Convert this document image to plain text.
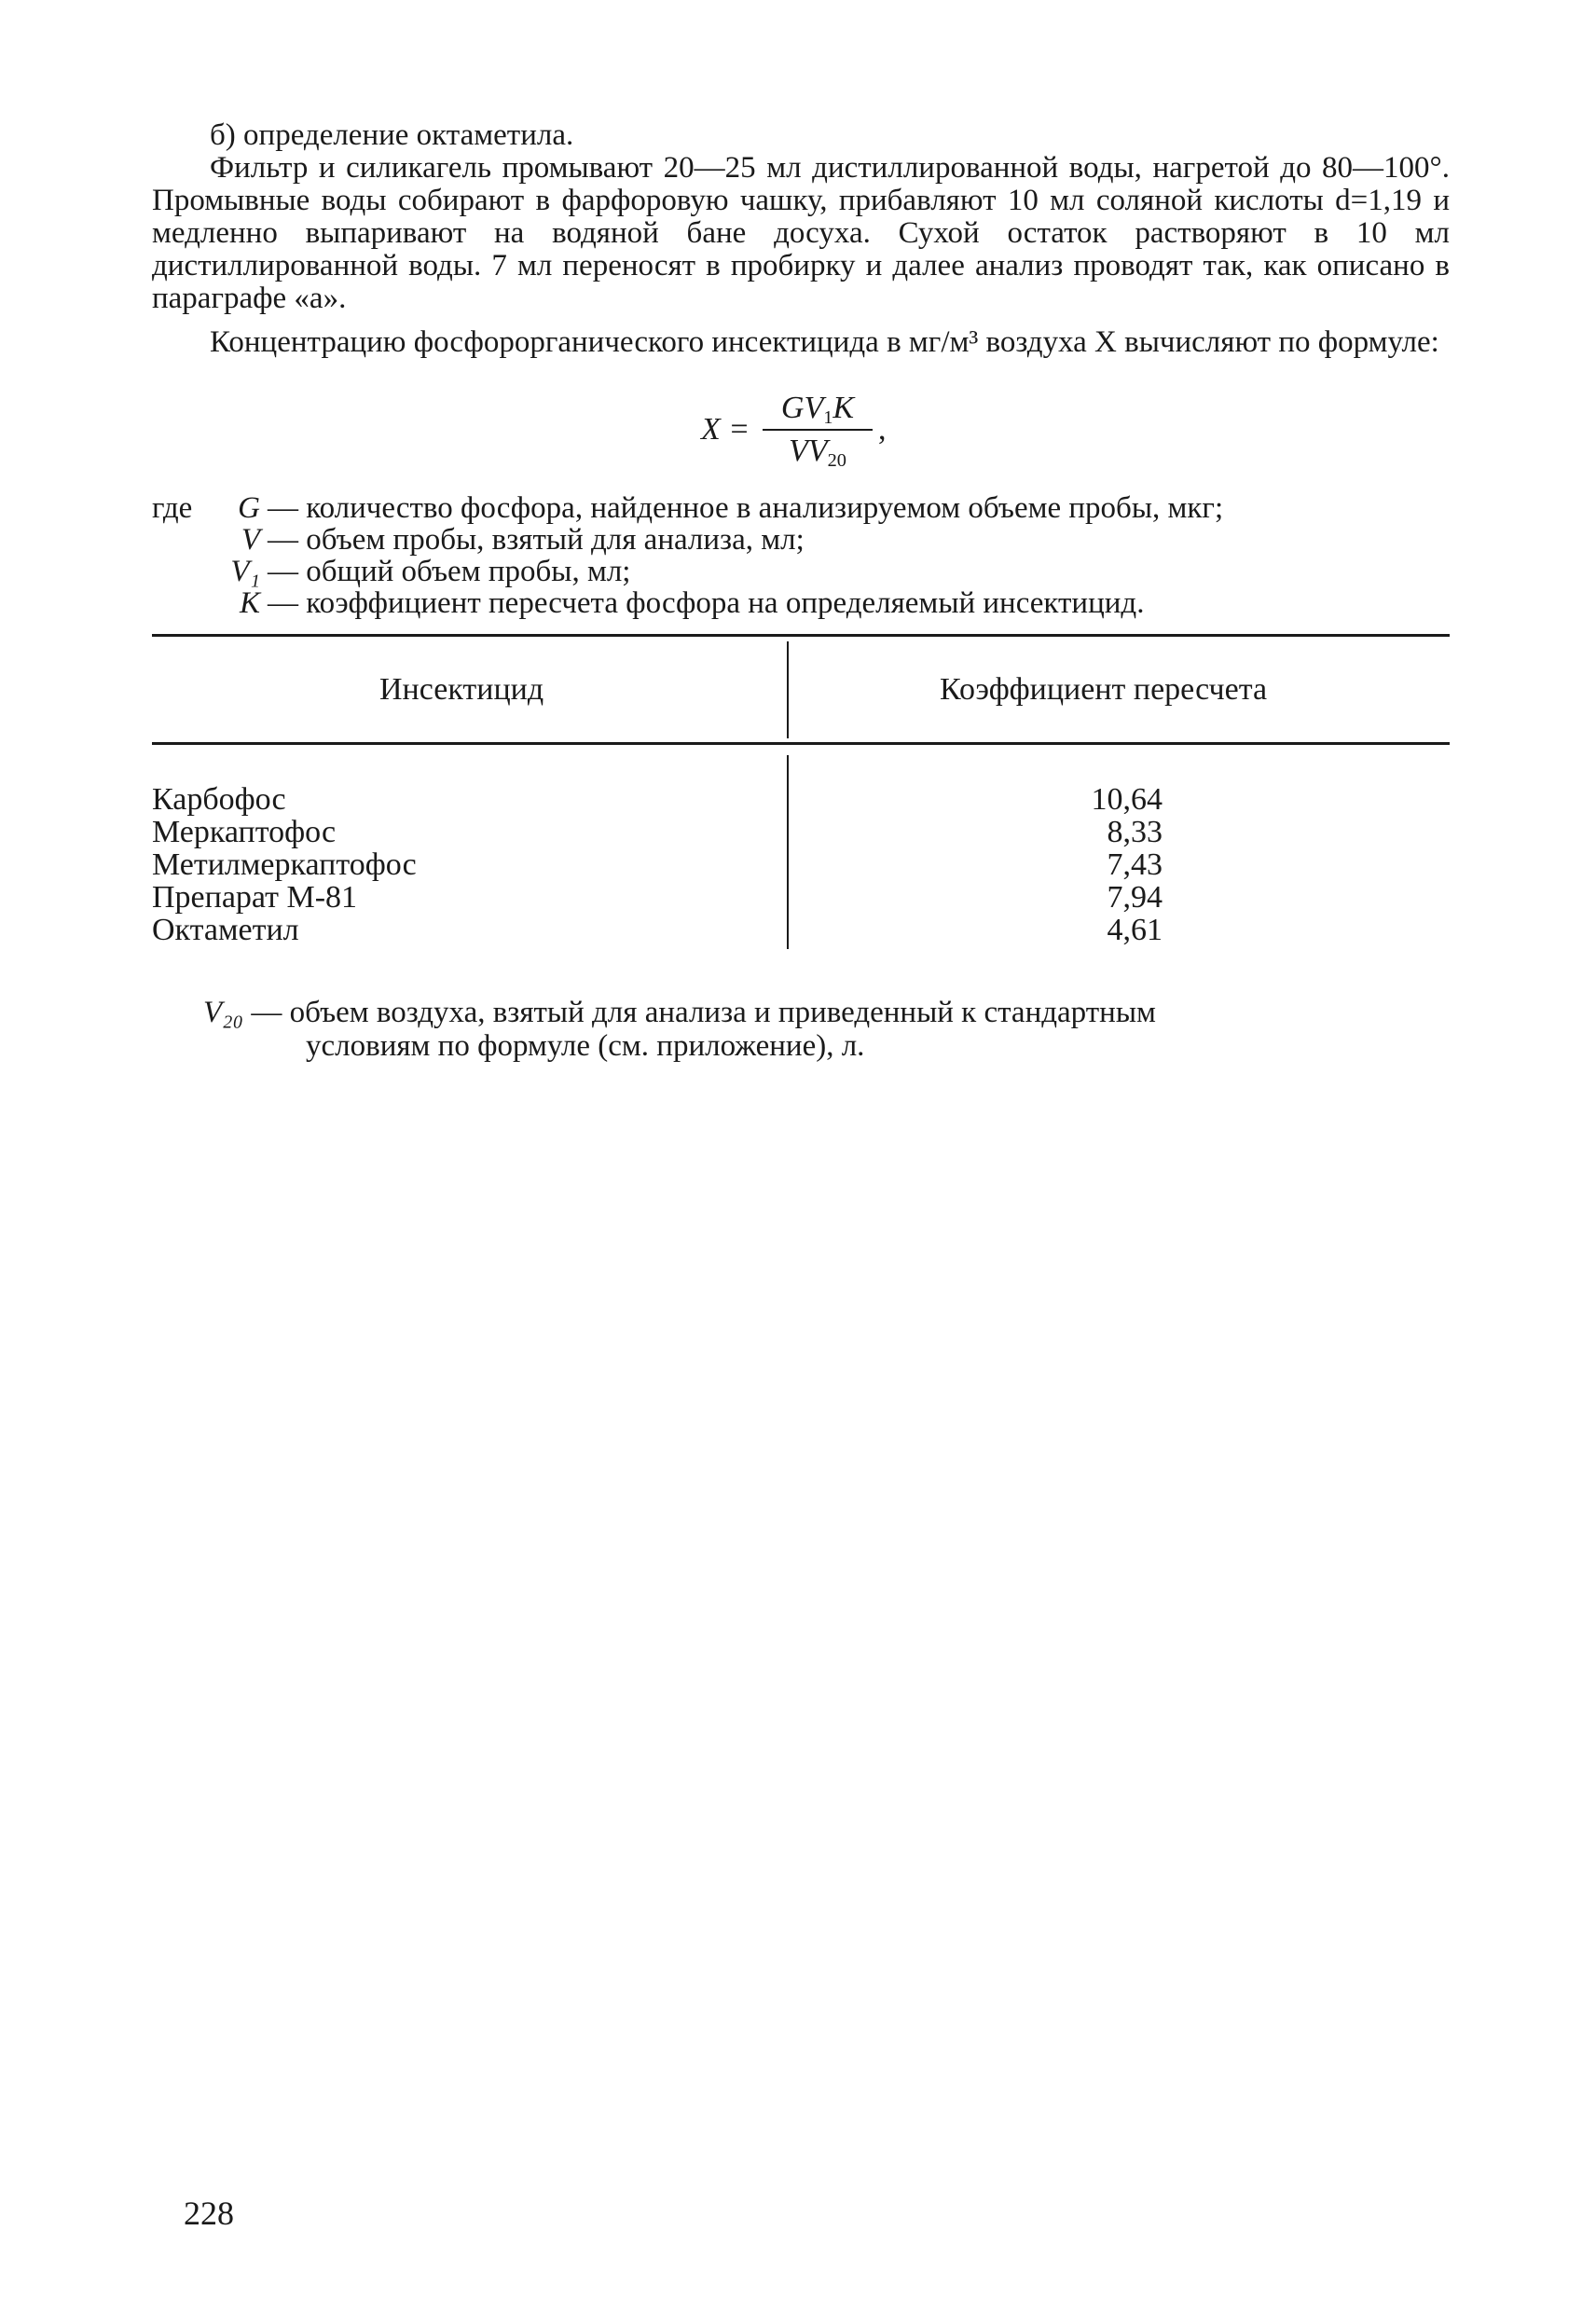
б) определение октаметила.
Фильтр и силикагель промывают 20—25 мл дистиллированной воды, нагретой до 80—100°. Промывные воды собирают в фарфоровую чашку, прибавляют 10 мл соляной кислоты d=1,19 и медленно выпаривают на водяной бане досуха. Сухой остаток растворяют в 10 мл дистиллированной воды. 7 мл переносят в пробирку и далее анализ проводят так, как описано в параграфе «а».
Концентрацию фосфорорганического инсектицида в мг/м³ воздуха X вычисляют по формуле:
X =
$GV_1K$
$VV_{20}$
,
где G — количество фосфора, найденное в анализируемом объеме пробы, мкг;
V — объем пробы, взятый для анализа, мл;
V₁ — общий объем пробы, мл;
K — коэффициент пересчета фосфора на определяемый инсектицид.
Инсектицид	Коэффициент пересчета
Карбофос	10,64
Меркаптофос	8,33
Метилмеркаптофос	7,43
Препарат М-81	7,94
Октаметил	4,61
V₂₀ — объем воздуха, взятый для анализа и приведенный к стандартным
условиям по формуле (см. приложение), л.
228
